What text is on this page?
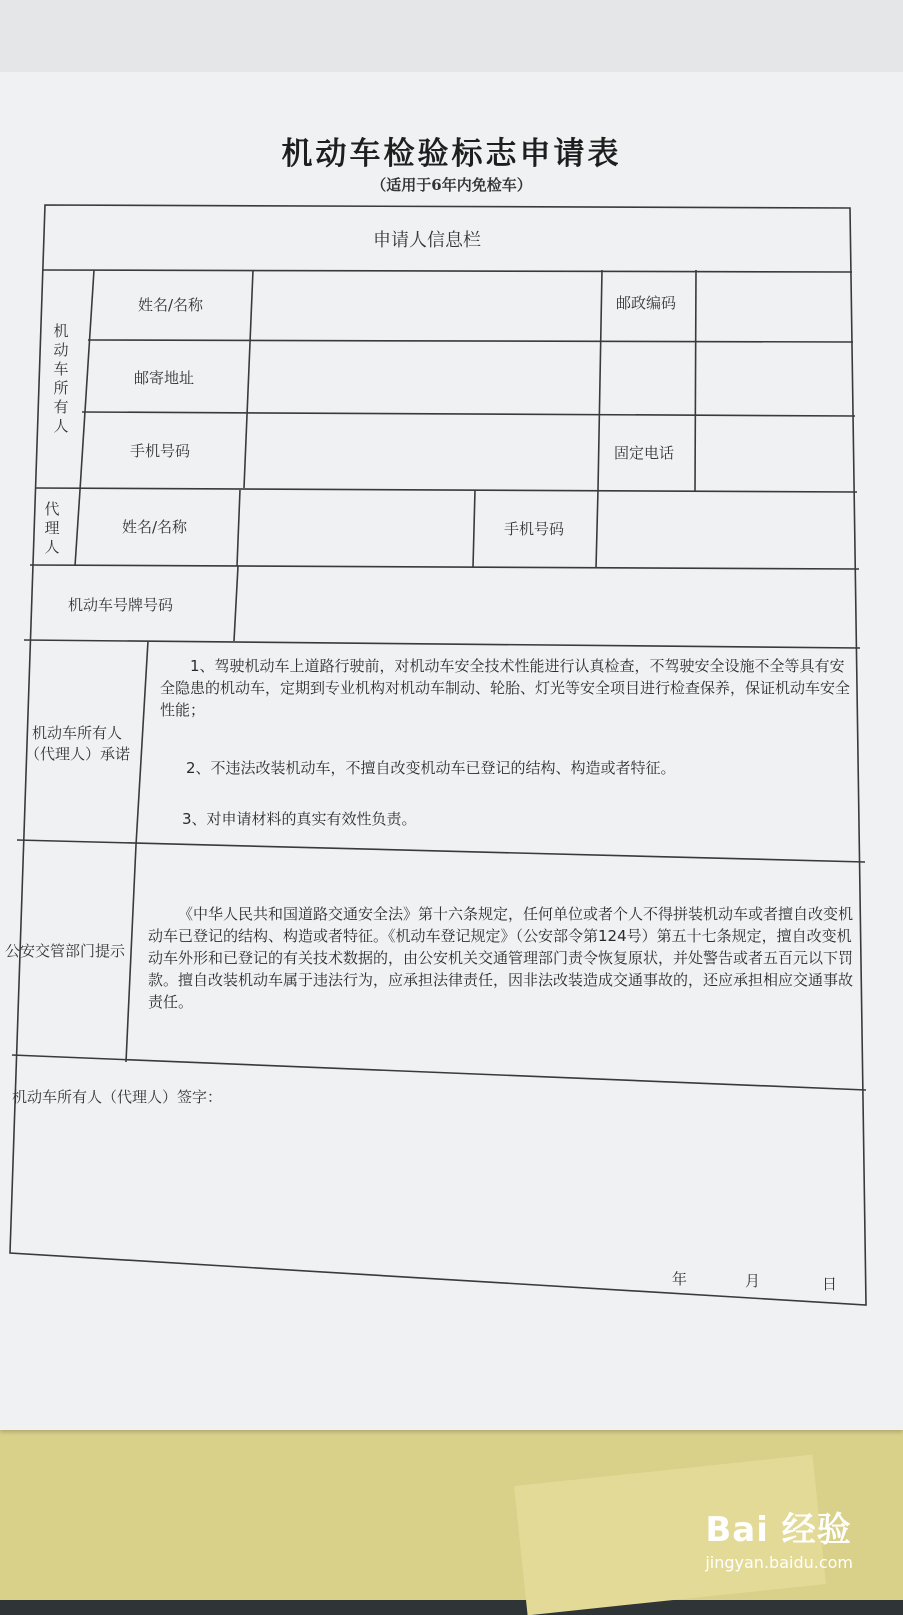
机动车检验标志申请表
（适用于6年内免检车）
申请人信息栏
机动车所有人
姓名/名称	邮政编码
邮寄地址
手机号码	固定电话
代理人
姓名/名称	手机号码
机动车号牌号码
机动车所有人
（代理人）承诺
1、驾驶机动车上道路行驶前，对机动车安全技术性能进行认真检查，不驾驶安全设施不全等具有安全隐患的机动车，定期到专业机构对机动车制动、轮胎、灯光等安全项目进行检查保养，保证机动车安全性能；
2、不违法改装机动车，不擅自改变机动车已登记的结构、构造或者特征。
3、对申请材料的真实有效性负责。
公安交管部门提示
《中华人民共和国道路交通安全法》第十六条规定，任何单位或者个人不得拼装机动车或者擅自改变机动车已登记的结构、构造或者特征。《机动车登记规定》（公安部令第124号）第五十七条规定，擅自改变机动车外形和已登记的有关技术数据的，由公安机关交通管理部门责令恢复原状，并处警告或者五百元以下罚款。擅自改装机动车属于违法行为，应承担法律责任，因非法改装造成交通事故的，还应承担相应交通事故责任。
机动车所有人（代理人）签字：
年	月	日
Bai 经验
jingyan.baidu.com
